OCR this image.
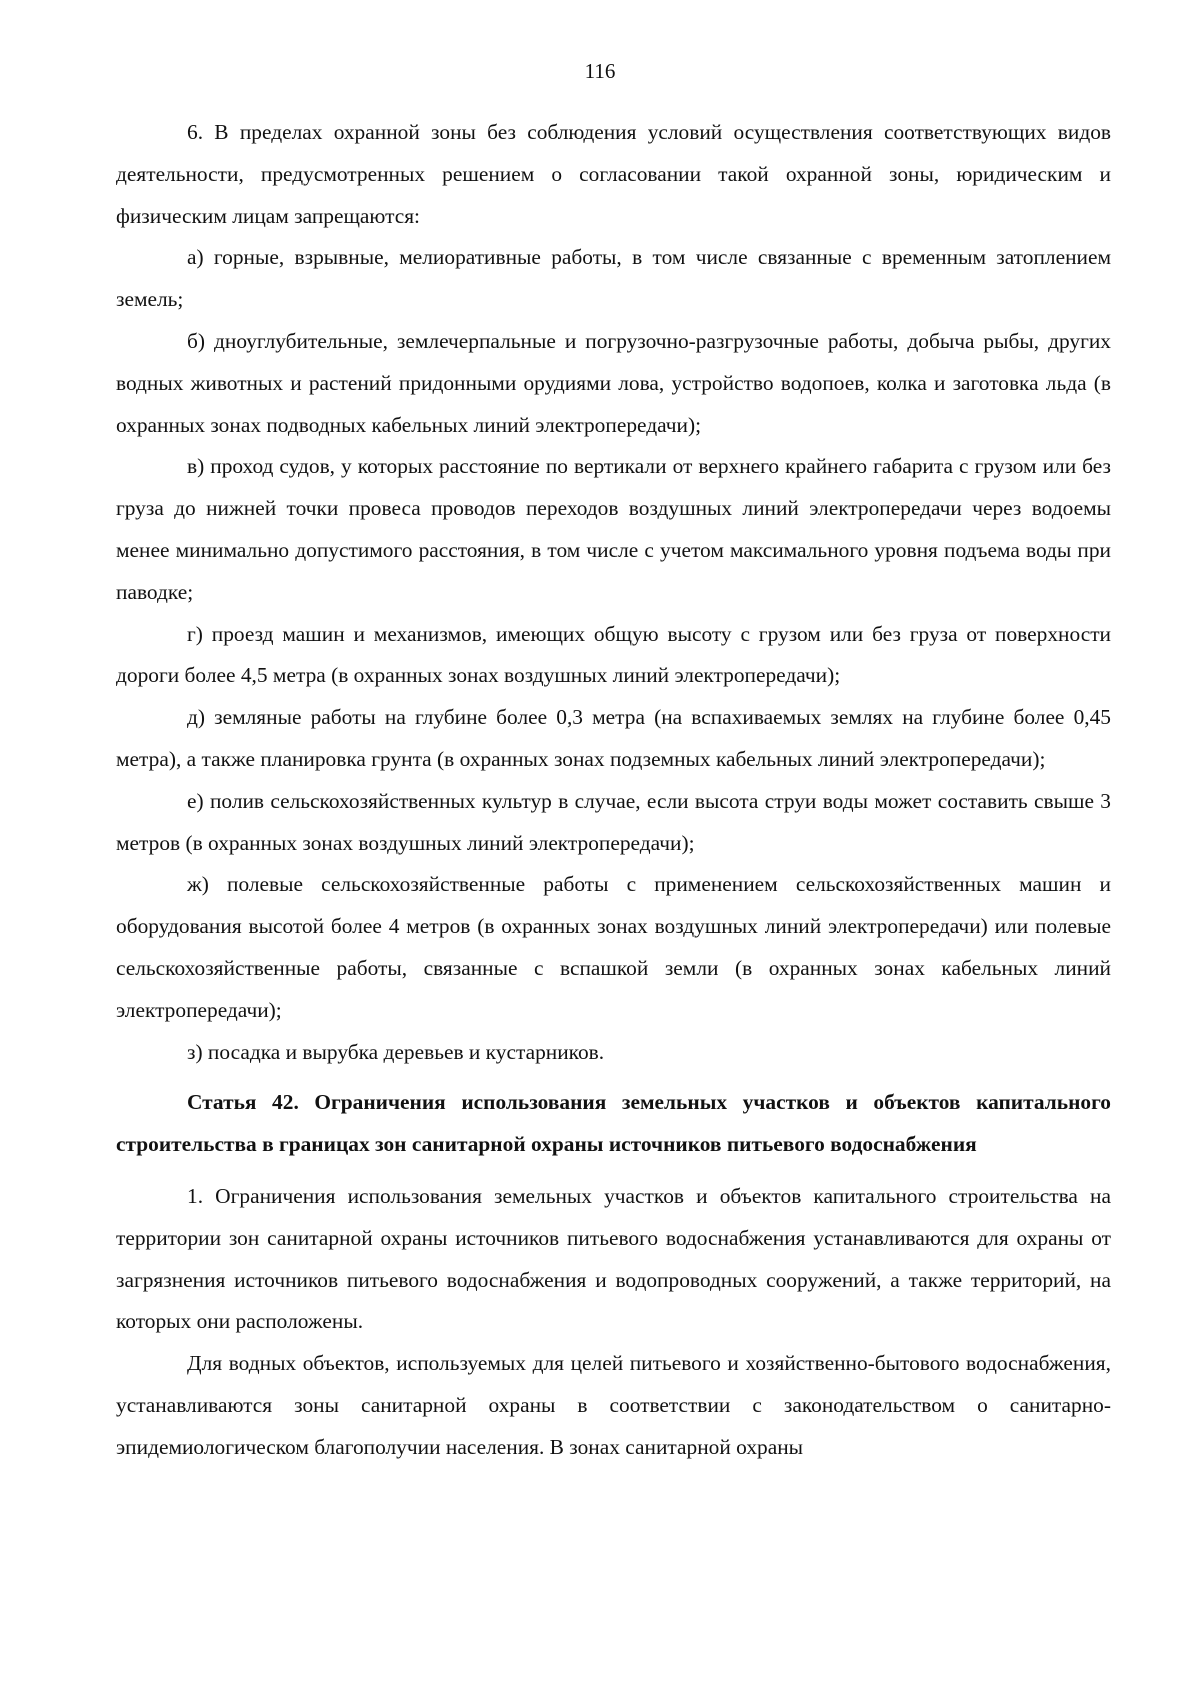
116

6. В пределах охранной зоны без соблюдения условий осуществления соответствующих видов деятельности, предусмотренных решением о согласовании такой охранной зоны, юридическим и физическим лицам запрещаются:

а) горные, взрывные, мелиоративные работы, в том числе связанные с временным затоплением земель;

б) дноуглубительные, землечерпальные и погрузочно-разгрузочные работы, добыча рыбы, других водных животных и растений придонными орудиями лова, устройство водопоев, колка и заготовка льда (в охранных зонах подводных кабельных линий электропередачи);

в) проход судов, у которых расстояние по вертикали от верхнего крайнего габарита с грузом или без груза до нижней точки провеса проводов переходов воздушных линий электропередачи через водоемы менее минимально допустимого расстояния, в том числе с учетом максимального уровня подъема воды при паводке;

г) проезд машин и механизмов, имеющих общую высоту с грузом или без груза от поверхности дороги более 4,5 метра (в охранных зонах воздушных линий электропередачи);

д) земляные работы на глубине более 0,3 метра (на вспахиваемых землях на глубине более 0,45 метра), а также планировка грунта (в охранных зонах подземных кабельных линий электропередачи);

е) полив сельскохозяйственных культур в случае, если высота струи воды может составить свыше 3 метров (в охранных зонах воздушных линий электропередачи);

ж) полевые сельскохозяйственные работы с применением сельскохозяйственных машин и оборудования высотой более 4 метров (в охранных зонах воздушных линий электропередачи) или полевые сельскохозяйственные работы, связанные с вспашкой земли (в охранных зонах кабельных линий электропередачи);

з) посадка и вырубка деревьев и кустарников.

Статья 42. Ограничения использования земельных участков и объектов капитального строительства в границах зон санитарной охраны источников питьевого водоснабжения

1. Ограничения использования земельных участков и объектов капитального строительства на территории зон санитарной охраны источников питьевого водоснабжения устанавливаются для охраны от загрязнения источников питьевого водоснабжения и водопроводных сооружений, а также территорий, на которых они расположены.

Для водных объектов, используемых для целей питьевого и хозяйственно-бытового водоснабжения, устанавливаются зоны санитарной охраны в соответствии с законодательством о санитарно-эпидемиологическом благополучии населения. В зонах санитарной охраны
